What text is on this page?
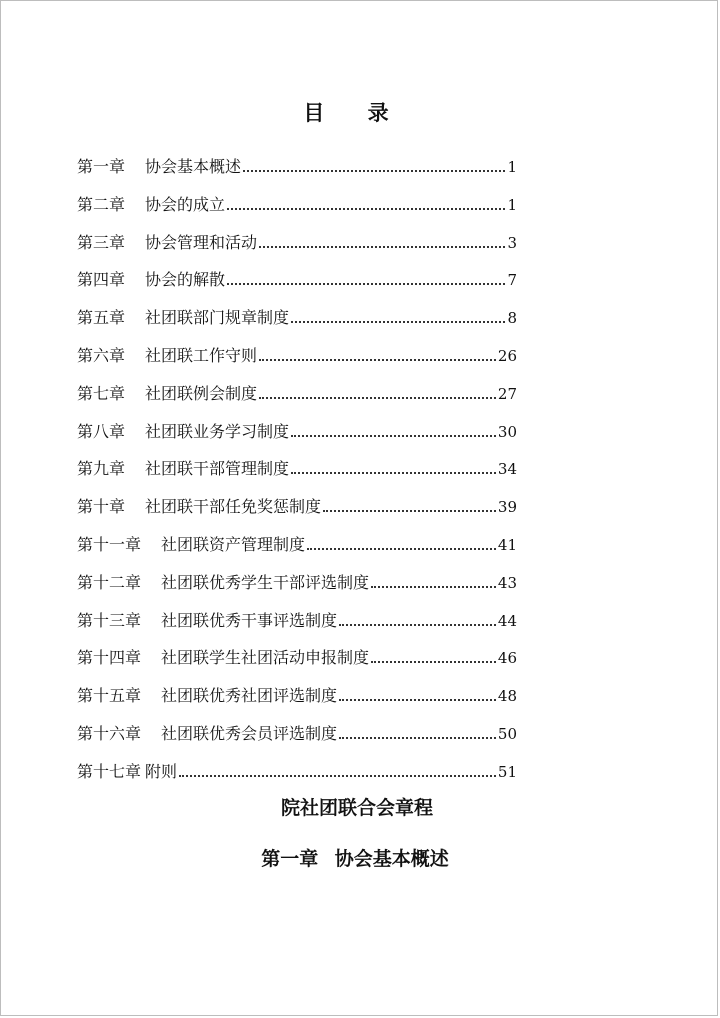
目 录
第一章	协会基本概述	1
第二章	协会的成立	1
第三章	协会管理和活动	3
第四章	协会的解散	7
第五章	社团联部门规章制度	8
第六章	社团联工作守则	26
第七章	社团联例会制度	27
第八章	社团联业务学习制度	30
第九章	社团联干部管理制度	34
第十章	社团联干部任免奖惩制度	39
第十一章	社团联资产管理制度	41
第十二章	社团联优秀学生干部评选制度	43
第十三章	社团联优秀干事评选制度	44
第十四章	社团联学生社团活动申报制度	46
第十五章	社团联优秀社团评选制度	48
第十六章	社团联优秀会员评选制度	50
第十七章 附则	51
院社团联合会章程
第一章 协会基本概述
